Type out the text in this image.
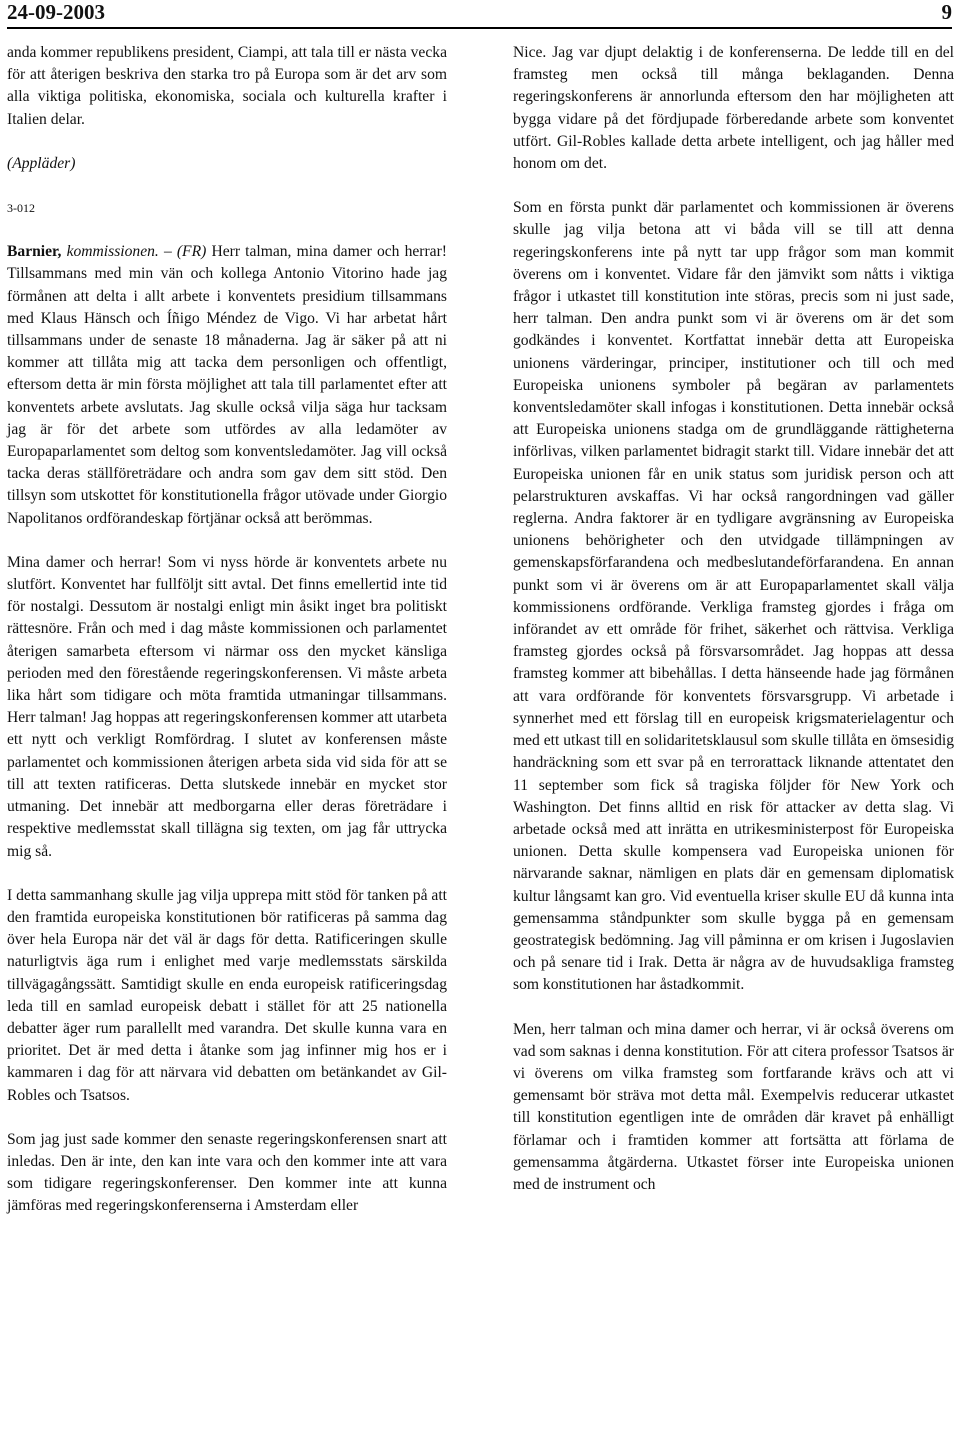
24-09-2003	9

anda kommer republikens president, Ciampi, att tala till er nästa vecka för att återigen beskriva den starka tro på Europa som är det arv som alla viktiga politiska, ekonomiska, sociala och kulturella krafter i Italien delar.

(Appläder)

3-012

Barnier, kommissionen. – (FR) Herr talman, mina damer och herrar! Tillsammans med min vän och kollega Antonio Vitorino hade jag förmånen att delta i allt arbete i konventets presidium tillsammans med Klaus Hänsch och Íñigo Méndez de Vigo. Vi har arbetat hårt tillsammans under de senaste 18 månaderna. Jag är säker på att ni kommer att tillåta mig att tacka dem personligen och offentligt, eftersom detta är min första möjlighet att tala till parlamentet efter att konventets arbete avslutats. Jag skulle också vilja säga hur tacksam jag är för det arbete som utfördes av alla ledamöter av Europaparlamentet som deltog som konventsledamöter. Jag vill också tacka deras ställföreträdare och andra som gav dem sitt stöd. Den tillsyn som utskottet för konstitutionella frågor utövade under Giorgio Napolitanos ordförandeskap förtjänar också att berömmas.

Mina damer och herrar! Som vi nyss hörde är konventets arbete nu slutfört. Konventet har fullföljt sitt avtal. Det finns emellertid inte tid för nostalgi. Dessutom är nostalgi enligt min åsikt inget bra politiskt rättesnöre. Från och med i dag måste kommissionen och parlamentet återigen samarbeta eftersom vi närmar oss den mycket känsliga perioden med den förestående regeringskonferensen. Vi måste arbeta lika hårt som tidigare och möta framtida utmaningar tillsammans. Herr talman! Jag hoppas att regeringskonferensen kommer att utarbeta ett nytt och verkligt Romfördrag. I slutet av konferensen måste parlamentet och kommissionen återigen arbeta sida vid sida för att se till att texten ratificeras. Detta slutskede innebär en mycket stor utmaning. Det innebär att medborgarna eller deras företrädare i respektive medlemsstat skall tillägna sig texten, om jag får uttrycka mig så.

I detta sammanhang skulle jag vilja upprepa mitt stöd för tanken på att den framtida europeiska konstitutionen bör ratificeras på samma dag över hela Europa när det väl är dags för detta. Ratificeringen skulle naturligtvis äga rum i enlighet med varje medlemsstats särskilda tillvägagångssätt. Samtidigt skulle en enda europeisk ratificeringsdag leda till en samlad europeisk debatt i stället för att 25 nationella debatter äger rum parallellt med varandra. Det skulle kunna vara en prioritet. Det är med detta i åtanke som jag infinner mig hos er i kammaren i dag för att närvara vid debatten om betänkandet av Gil-Robles och Tsatsos.

Som jag just sade kommer den senaste regeringskonferensen snart att inledas. Den är inte, den kan inte vara och den kommer inte att vara som tidigare regeringskonferenser. Den kommer inte att kunna jämföras med regeringskonferenserna i Amsterdam eller

Nice. Jag var djupt delaktig i de konferenserna. De ledde till en del framsteg men också till många beklaganden. Denna regeringskonferens är annorlunda eftersom den har möjligheten att bygga vidare på det fördjupade förberedande arbete som konventet utfört. Gil-Robles kallade detta arbete intelligent, och jag håller med honom om det.

Som en första punkt där parlamentet och kommissionen är överens skulle jag vilja betona att vi båda vill se till att denna regeringskonferens inte på nytt tar upp frågor som man kommit överens om i konventet. Vidare får den jämvikt som nåtts i viktiga frågor i utkastet till konstitution inte störas, precis som ni just sade, herr talman. Den andra punkt som vi är överens om är det som godkändes i konventet. Kortfattat innebär detta att Europeiska unionens värderingar, principer, institutioner och till och med Europeiska unionens symboler på begäran av parlamentets konventsledamöter skall infogas i konstitutionen. Detta innebär också att Europeiska unionens stadga om de grundläggande rättigheterna införlivas, vilken parlamentet bidragit starkt till. Vidare innebär det att Europeiska unionen får en unik status som juridisk person och att pelarstrukturen avskaffas. Vi har också rangordningen vad gäller reglerna. Andra faktorer är en tydligare avgränsning av Europeiska unionens behörigheter och den utvidgade tillämpningen av gemenskapsförfarandena och medbeslutandeförfarandena. En annan punkt som vi är överens om är att Europaparlamentet skall välja kommissionens ordförande. Verkliga framsteg gjordes i fråga om införandet av ett område för frihet, säkerhet och rättvisa. Verkliga framsteg gjordes också på försvarsområdet. Jag hoppas att dessa framsteg kommer att bibehållas. I detta hänseende hade jag förmånen att vara ordförande för konventets försvarsgrupp. Vi arbetade i synnerhet med ett förslag till en europeisk krigsmaterielagentur och med ett utkast till en solidaritetsklausul som skulle tillåta en ömsesidig handräckning som ett svar på en terrorattack liknande attentatet den 11 september som fick så tragiska följder för New York och Washington. Det finns alltid en risk för attacker av detta slag. Vi arbetade också med att inrätta en utrikesministerpost för Europeiska unionen. Detta skulle kompensera vad Europeiska unionen för närvarande saknar, nämligen en plats där en gemensam diplomatisk kultur långsamt kan gro. Vid eventuella kriser skulle EU då kunna inta gemensamma ståndpunkter som skulle bygga på en gemensam geostrategisk bedömning. Jag vill påminna er om krisen i Jugoslavien och på senare tid i Irak. Detta är några av de huvudsakliga framsteg som konstitutionen har åstadkommit.

Men, herr talman och mina damer och herrar, vi är också överens om vad som saknas i denna konstitution. För att citera professor Tsatsos är vi överens om vilka framsteg som fortfarande krävs och att vi gemensamt bör sträva mot detta mål. Exempelvis reducerar utkastet till konstitution egentligen inte de områden där kravet på enhälligt förlamar och i framtiden kommer att fortsätta att förlama de gemensamma åtgärderna. Utkastet förser inte Europeiska unionen med de instrument och
